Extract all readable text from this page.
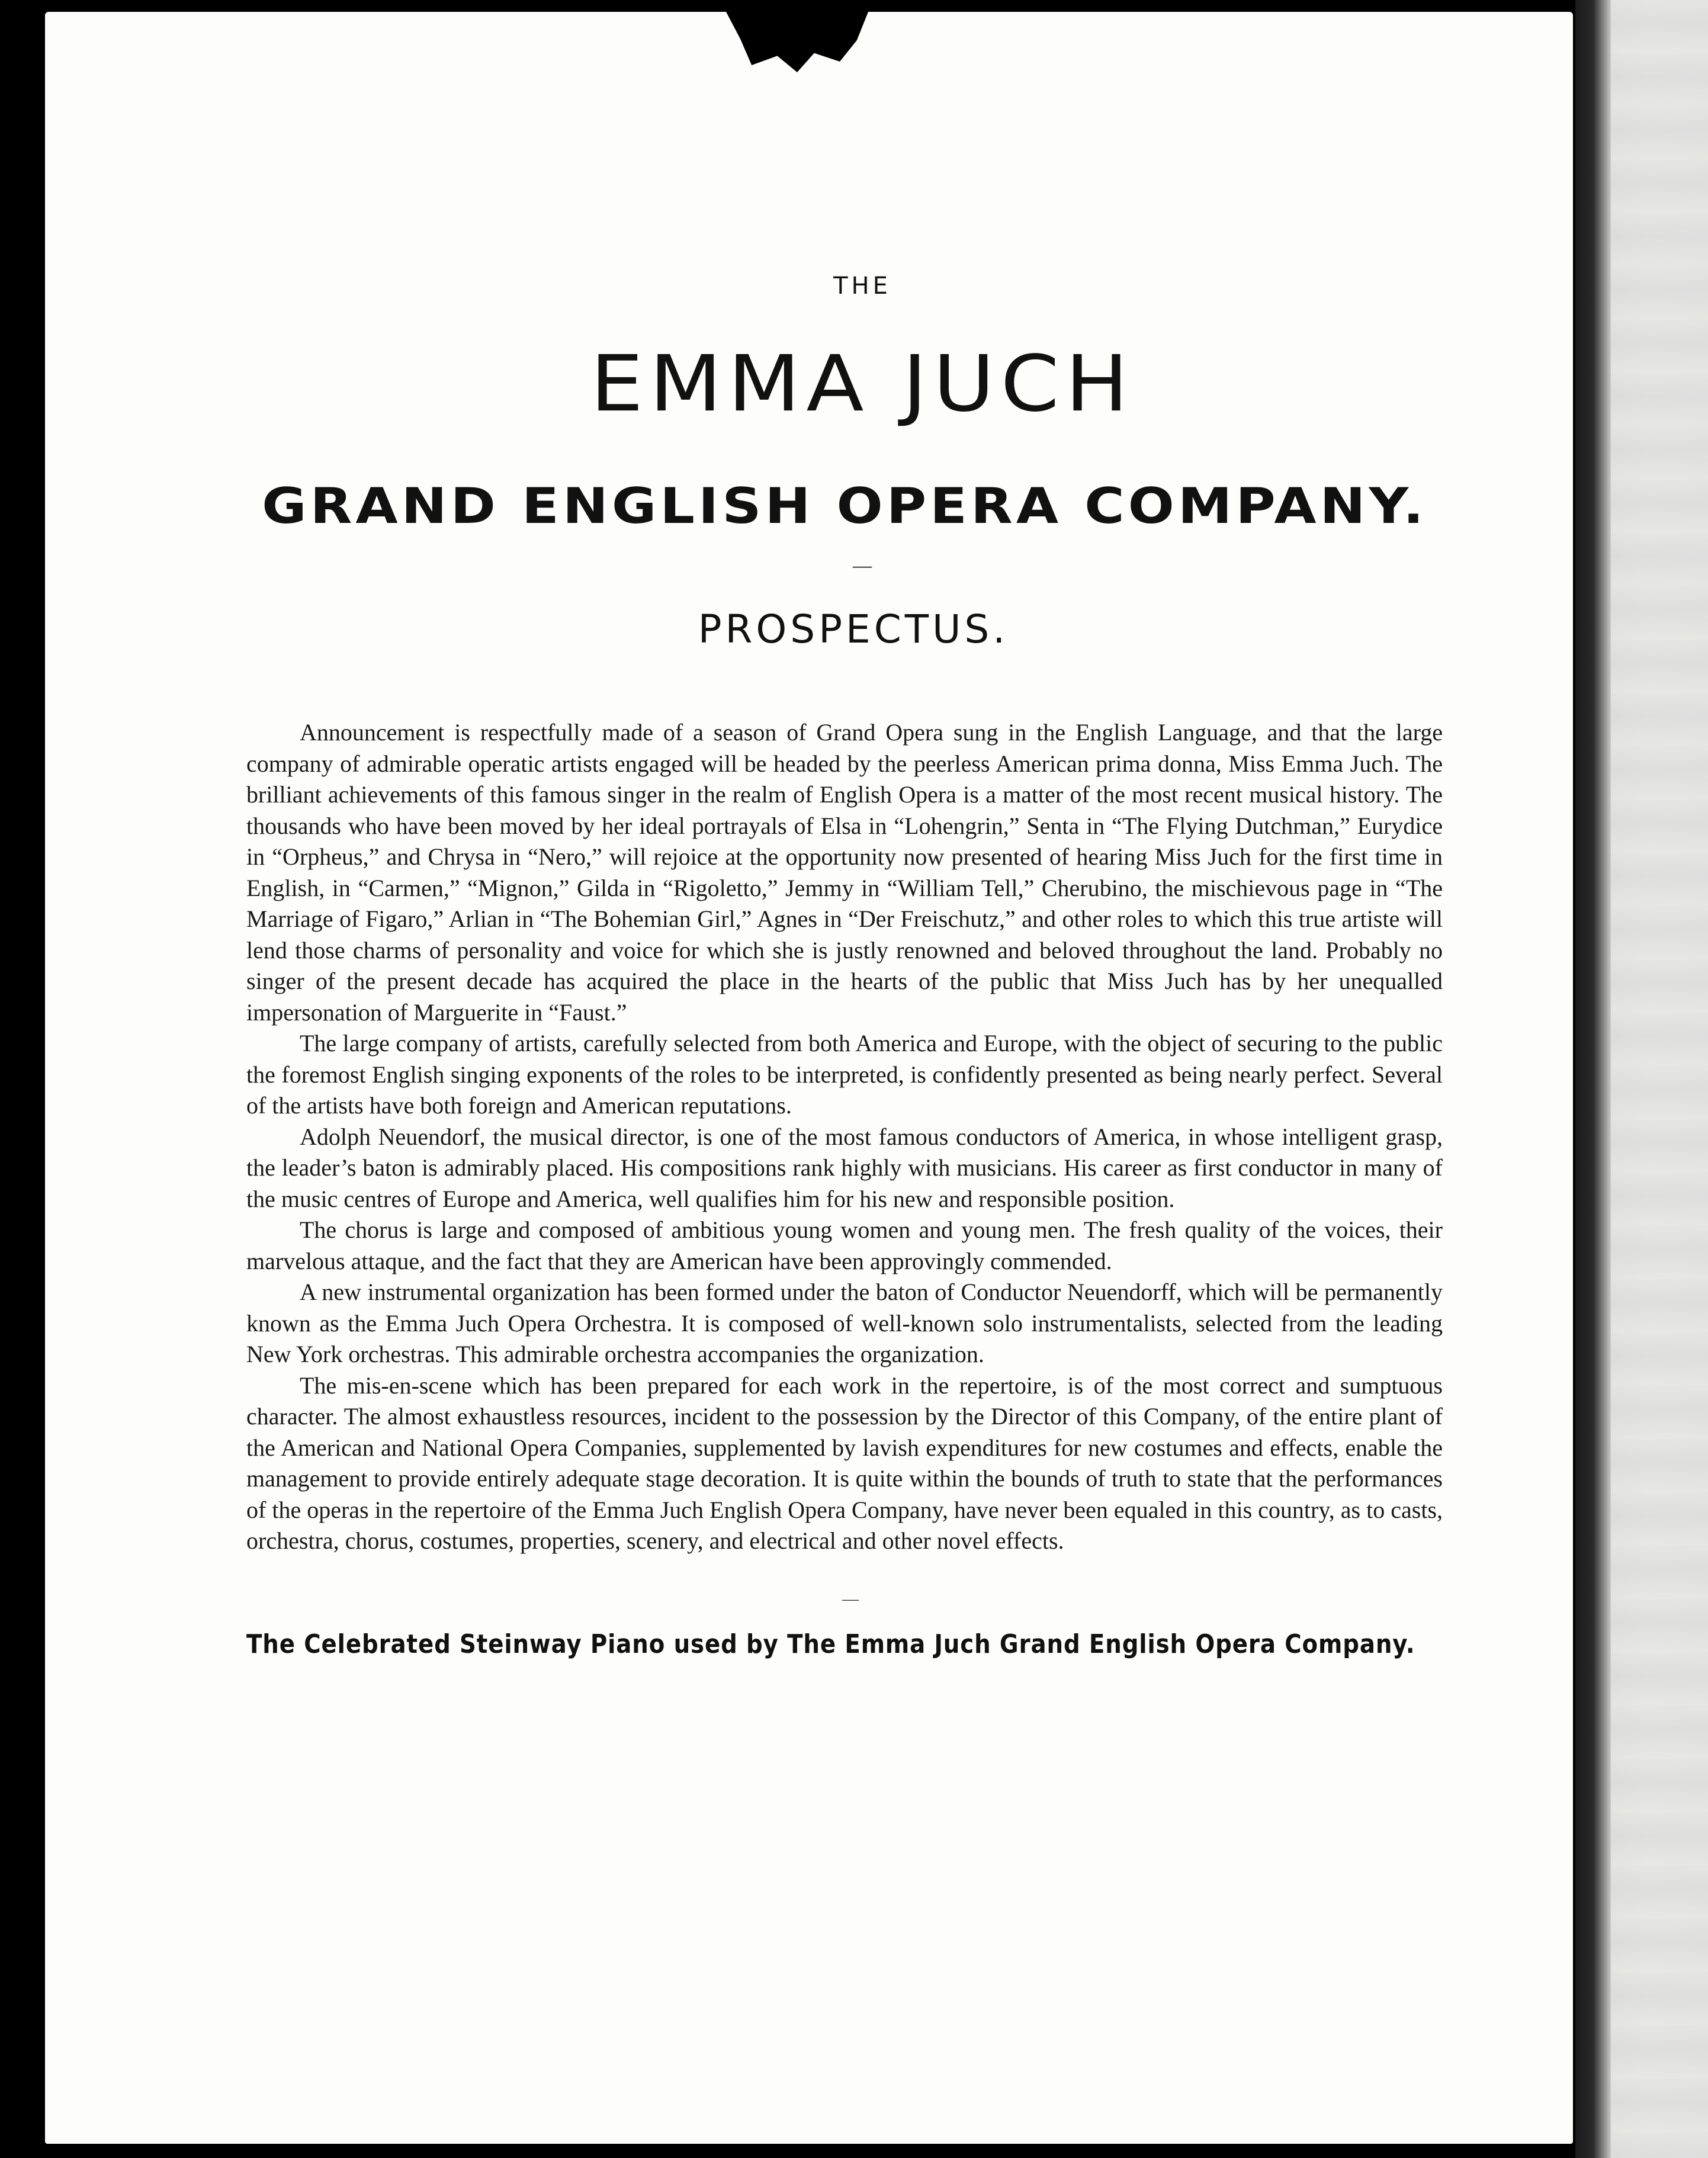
THE
EMMA JUCH
GRAND ENGLISH OPERA COMPANY.
—
PROSPECTUS.

Announcement is respectfully made of a season of Grand Opera sung in the English Language, and that the large company of admirable operatic artists engaged will be headed by the peerless American prima donna, Miss Emma Juch. The brilliant achievements of this famous singer in the realm of English Opera is a matter of the most recent musical history. The thousands who have been moved by her ideal portrayals of Elsa in “Lohengrin,” Senta in “The Flying Dutchman,” Eurydice in “Orpheus,” and Chrysa in “Nero,” will rejoice at the opportunity now presented of hearing Miss Juch for the first time in English, in “Carmen,” “Mignon,” Gilda in “Rigoletto,” Jemmy in “William Tell,” Cherubino, the mischievous page in “The Marriage of Figaro,” Arlian in “The Bohemian Girl,” Agnes in “Der Freischutz,” and other roles to which this true artiste will lend those charms of personality and voice for which she is justly renowned and beloved throughout the land. Probably no singer of the present decade has acquired the place in the hearts of the public that Miss Juch has by her unequalled impersonation of Marguerite in “Faust.”

The large company of artists, carefully selected from both America and Europe, with the object of securing to the public the foremost English singing exponents of the roles to be interpreted, is confidently presented as being nearly perfect. Several of the artists have both foreign and American reputations.

Adolph Neuendorf, the musical director, is one of the most famous conductors of America, in whose intelligent grasp, the leader’s baton is admirably placed. His compositions rank highly with musicians. His career as first conductor in many of the music centres of Europe and America, well qualifies him for his new and responsible position.

The chorus is large and composed of ambitious young women and young men. The fresh quality of the voices, their marvelous attaque, and the fact that they are American have been approvingly commended.

A new instrumental organization has been formed under the baton of Conductor Neuendorff, which will be permanently known as the Emma Juch Opera Orchestra. It is composed of well-known solo instrumentalists, selected from the leading New York orchestras. This admirable orchestra accompanies the organization.

The mis-en-scene which has been prepared for each work in the repertoire, is of the most correct and sumptuous character. The almost exhaustless resources, incident to the possession by the Director of this Company, of the entire plant of the American and National Opera Companies, supplemented by lavish expenditures for new costumes and effects, enable the management to provide entirely adequate stage decoration. It is quite within the bounds of truth to state that the performances of the operas in the repertoire of the Emma Juch English Opera Company, have never been equaled in this country, as to casts, orchestra, chorus, costumes, properties, scenery, and electrical and other novel effects.

—
The Celebrated Steinway Piano used by The Emma Juch Grand English Opera Company.
